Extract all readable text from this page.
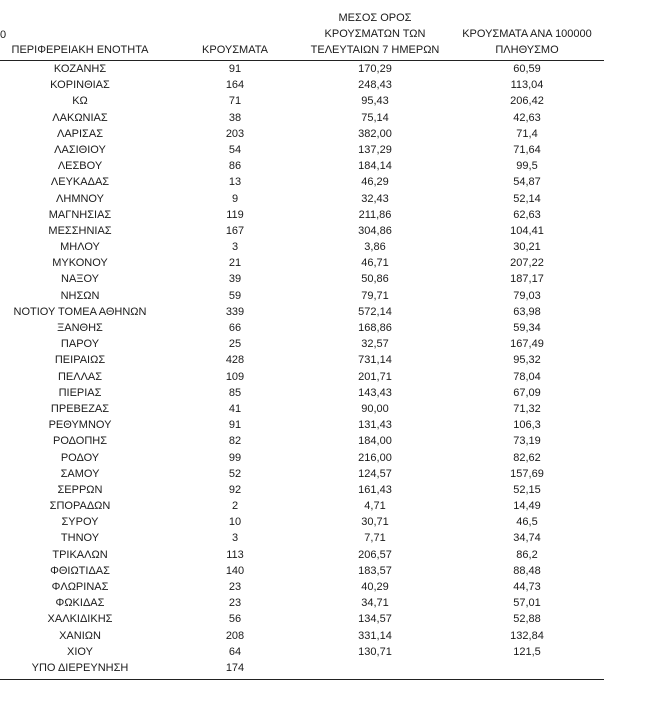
0
ΠΕΡΙΦΕΡΕΙΑΚΗ ΕΝΟΤΗΤΑ	ΚΡΟΥΣΜΑΤΑ
ΜΕΣΟΣ ΟΡΟΣ
ΚΡΟΥΣΜΑΤΩΝ ΤΩΝ
ΤΕΛΕΥΤΑΙΩΝ 7 ΗΜΕΡΩΝ
ΚΡΟΥΣΜΑΤΑ ΑΝΑ 100000
ΠΛΗΘΥΣΜΟ
ΚΟΖΑΝΗΣ	91	170,29	60,59
ΚΟΡΙΝΘΙΑΣ	164	248,43	113,04
ΚΩ	71	95,43	206,42
ΛΑΚΩΝΙΑΣ	38	75,14	42,63
ΛΑΡΙΣΑΣ	203	382,00	71,4
ΛΑΣΙΘΙΟΥ	54	137,29	71,64
ΛΕΣΒΟΥ	86	184,14	99,5
ΛΕΥΚΑΔΑΣ	13	46,29	54,87
ΛΗΜΝΟΥ	9	32,43	52,14
ΜΑΓΝΗΣΙΑΣ	119	211,86	62,63
ΜΕΣΣΗΝΙΑΣ	167	304,86	104,41
ΜΗΛΟΥ	3	3,86	30,21
ΜΥΚΟΝΟΥ	21	46,71	207,22
ΝΑΞΟΥ	39	50,86	187,17
ΝΗΣΩΝ	59	79,71	79,03
ΝΟΤΙΟΥ ΤΟΜΕΑ ΑΘΗΝΩΝ	339	572,14	63,98
ΞΑΝΘΗΣ	66	168,86	59,34
ΠΑΡΟΥ	25	32,57	167,49
ΠΕΙΡΑΙΩΣ	428	731,14	95,32
ΠΕΛΛΑΣ	109	201,71	78,04
ΠΙΕΡΙΑΣ	85	143,43	67,09
ΠΡΕΒΕΖΑΣ	41	90,00	71,32
ΡΕΘΥΜΝΟΥ	91	131,43	106,3
ΡΟΔΟΠΗΣ	82	184,00	73,19
ΡΟΔΟΥ	99	216,00	82,62
ΣΑΜΟΥ	52	124,57	157,69
ΣΕΡΡΩΝ	92	161,43	52,15
ΣΠΟΡΑΔΩΝ	2	4,71	14,49
ΣΥΡΟΥ	10	30,71	46,5
ΤΗΝΟΥ	3	7,71	34,74
ΤΡΙΚΑΛΩΝ	113	206,57	86,2
ΦΘΙΩΤΙΔΑΣ	140	183,57	88,48
ΦΛΩΡΙΝΑΣ	23	40,29	44,73
ΦΩΚΙΔΑΣ	23	34,71	57,01
ΧΑΛΚΙΔΙΚΗΣ	56	134,57	52,88
ΧΑΝΙΩΝ	208	331,14	132,84
ΧΙΟΥ	64	130,71	121,5
ΥΠΟ ΔΙΕΡΕΥΝΗΣΗ	174
